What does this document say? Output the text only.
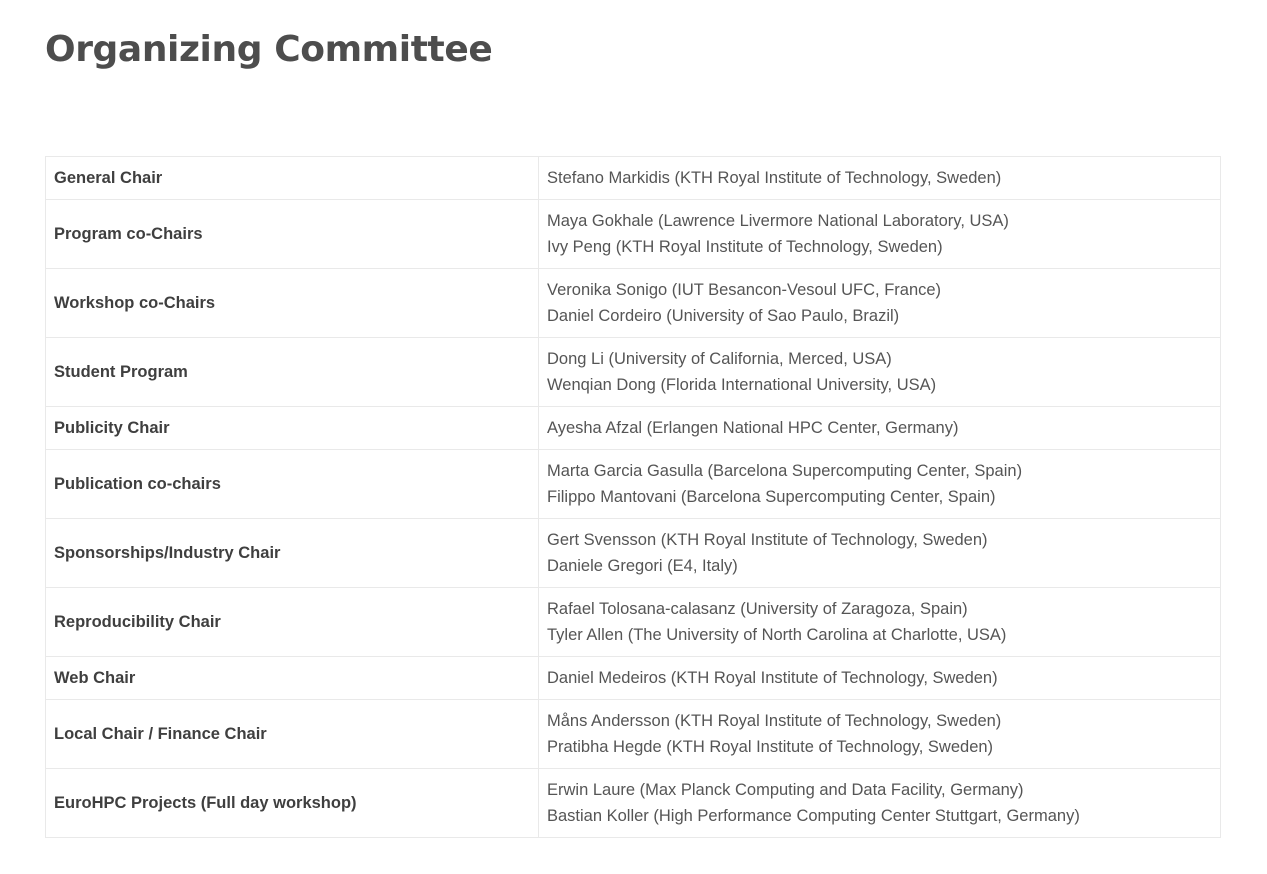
Organizing Committee
General Chair	Stefano Markidis (KTH Royal Institute of Technology, Sweden)

Program co-Chairs	Maya Gokhale (Lawrence Livermore National Laboratory, USA)
Ivy Peng (KTH Royal Institute of Technology, Sweden)

Workshop co-Chairs	Veronika Sonigo (IUT Besancon-Vesoul UFC, France)
Daniel Cordeiro (University of Sao Paulo, Brazil)

Student Program	Dong Li (University of California, Merced, USA)
Wenqian Dong (Florida International University, USA)

Publicity Chair	Ayesha Afzal (Erlangen National HPC Center, Germany)

Publication co-chairs	Marta Garcia Gasulla (Barcelona Supercomputing Center, Spain)
Filippo Mantovani (Barcelona Supercomputing Center, Spain)

Sponsorships/Industry Chair	Gert Svensson (KTH Royal Institute of Technology, Sweden)
Daniele Gregori (E4, Italy)

Reproducibility Chair	Rafael Tolosana-calasanz (University of Zaragoza, Spain)
Tyler Allen (The University of North Carolina at Charlotte, USA)

Web Chair	Daniel Medeiros (KTH Royal Institute of Technology, Sweden)

Local Chair / Finance Chair	Måns Andersson (KTH Royal Institute of Technology, Sweden)
Pratibha Hegde (KTH Royal Institute of Technology, Sweden)

EuroHPC Projects (Full day workshop)	Erwin Laure (Max Planck Computing and Data Facility, Germany)
Bastian Koller (High Performance Computing Center Stuttgart, Germany)
